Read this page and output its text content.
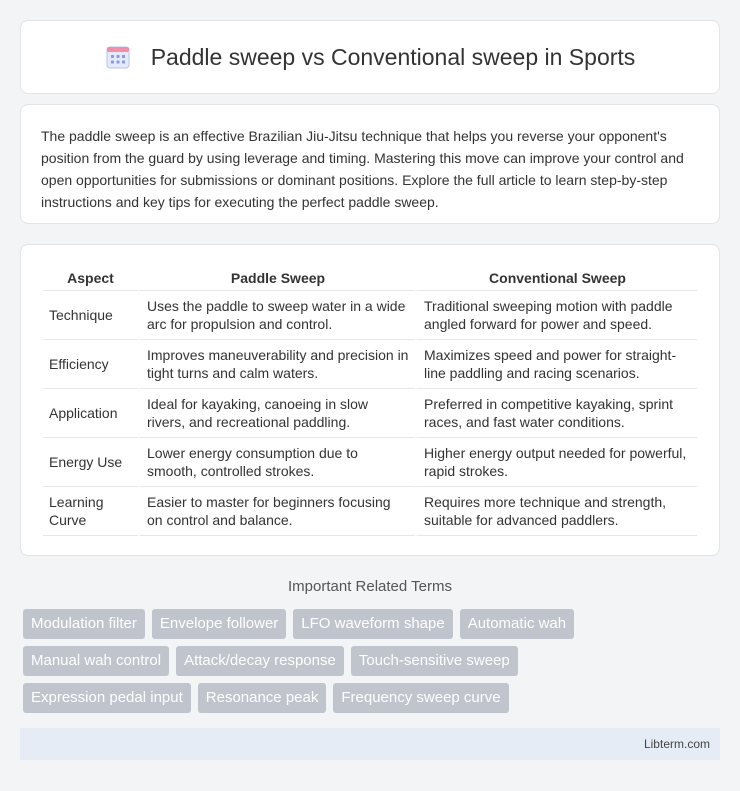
Paddle sweep vs Conventional sweep in Sports

The paddle sweep is an effective Brazilian Jiu-Jitsu technique that helps you reverse your opponent's position from the guard by using leverage and timing. Mastering this move can improve your control and open opportunities for submissions or dominant positions. Explore the full article to learn step-by-step instructions and key tips for executing the perfect paddle sweep.

Aspect	Paddle Sweep	Conventional Sweep
Technique	Uses the paddle to sweep water in a wide arc for propulsion and control.	Traditional sweeping motion with paddle angled forward for power and speed.
Efficiency	Improves maneuverability and precision in tight turns and calm waters.	Maximizes speed and power for straight-line paddling and racing scenarios.
Application	Ideal for kayaking, canoeing in slow rivers, and recreational paddling.	Preferred in competitive kayaking, sprint races, and fast water conditions.
Energy Use	Lower energy consumption due to smooth, controlled strokes.	Higher energy output needed for powerful, rapid strokes.
Learning Curve	Easier to master for beginners focusing on control and balance.	Requires more technique and strength, suitable for advanced paddlers.
Important Related Terms
Modulation filter	Envelope follower	LFO waveform shape	Automatic wah
Manual wah control	Attack/decay response	Touch-sensitive sweep
Expression pedal input	Resonance peak	Frequency sweep curve
Libterm.com
